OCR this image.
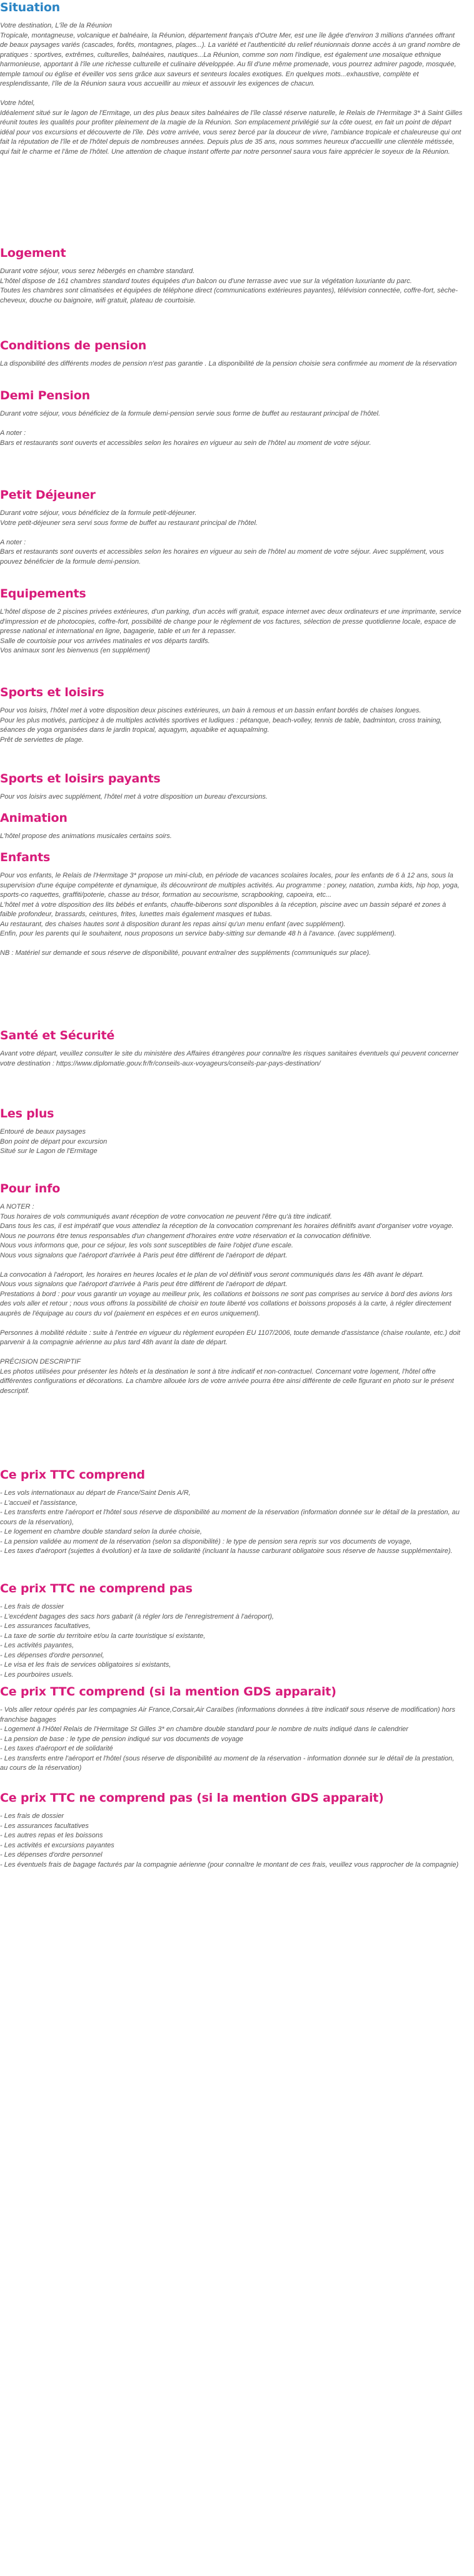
Situation

Votre destination, L'île de la Réunion

Tropicale, montagneuse, volcanique et balnéaire, la Réunion, département français d'Outre Mer, est une île âgée d'environ 3 millions d'années offrant de beaux paysages variés (cascades, forêts, montagnes, plages...). La variété et l'authenticité du relief réunionnais donne accès à un grand nombre de pratiques : sportives, extrêmes, culturelles, balnéaires, nautiques...La Réunion, comme son nom l'indique, est également une mosaïque ethnique harmonieuse, apportant à l'île une richesse culturelle et culinaire développée. Au fil d'une même promenade, vous pourrez admirer pagode, mosquée, temple tamoul ou église et éveiller vos sens grâce aux saveurs et senteurs locales exotiques. En quelques mots...exhaustive, complète et resplendissante, l'île de la Réunion saura vous accueillir au mieux et assouvir les exigences de chacun.

Votre hôtel,

Idéalement situé sur le lagon de l'Ermitage, un des plus beaux sites balnéaires de l'île classé réserve naturelle, le Relais de l'Hermitage 3* à Saint Gilles réunit toutes les qualités pour profiter pleinement de la magie de la Réunion. Son emplacement privilégié sur la côte ouest, en fait un point de départ idéal pour vos excursions et découverte de l'île. Dès votre arrivée, vous serez bercé par la douceur de vivre, l'ambiance tropicale et chaleureuse qui ont fait la réputation de l'île et de l'hôtel depuis de nombreuses années. Depuis plus de 35 ans, nous sommes heureux d'accueillir une clientèle métissée, qui fait le charme et l'âme de l'hôtel. Une attention de chaque instant offerte par notre personnel saura vous faire apprécier le soyeux de la Réunion.

Logement

Durant votre séjour, vous serez hébergés en chambre standard.

L'hôtel dispose de 161 chambres standard toutes équipées d'un balcon ou d'une terrasse avec vue sur la végétation luxuriante du parc.

Toutes les chambres sont climatisées et équipées de téléphone direct (communications extérieures payantes), télévision connectée, coffre-fort, sèche-cheveux, douche ou baignoire, wifi gratuit, plateau de courtoisie.

Conditions de pension

La disponibilité des différents modes de pension n'est pas garantie . La disponibilité de la pension choisie sera confirmée au moment de la réservation

Demi Pension

Durant votre séjour, vous bénéficiez de la formule demi-pension servie sous forme de buffet au restaurant principal de l'hôtel.

A noter :

Bars et restaurants sont ouverts et accessibles selon les horaires en vigueur au sein de l'hôtel au moment de votre séjour.

Petit Déjeuner

Durant votre séjour, vous bénéficiez de la formule petit-déjeuner.

Votre petit-déjeuner sera servi sous forme de buffet au restaurant principal de l'hôtel.

A noter :

Bars et restaurants sont ouverts et accessibles selon les horaires en vigueur au sein de l'hôtel au moment de votre séjour. Avec supplément, vous pouvez bénéficier de la formule demi-pension.

Equipements

L'hôtel dispose de 2 piscines privées extérieures, d'un parking, d'un accès wifi gratuit, espace internet avec deux ordinateurs et une imprimante, service d'impression et de photocopies, coffre-fort, possibilité de change pour le règlement de vos factures, sélection de presse quotidienne locale, espace de presse national et international en ligne, bagagerie, table et un fer à repasser.

Salle de courtoisie pour vos arrivées matinales et vos départs tardifs.

Vos animaux sont les bienvenus (en supplément)

Sports et loisirs

Pour vos loisirs, l'hôtel met à votre disposition deux piscines extérieures, un bain à remous et un bassin enfant bordés de chaises longues.

Pour les plus motivés, participez à de multiples activités sportives et ludiques : pétanque, beach-volley, tennis de table, badminton, cross training, séances de yoga organisées dans le jardin tropical, aquagym, aquabike et aquapalming.

Prêt de serviettes de plage.

Sports et loisirs payants

Pour vos loisirs avec supplément, l'hôtel met à votre disposition un bureau d'excursions.

Animation

L'hôtel propose des animations musicales certains soirs.

Enfants

Pour vos enfants, le Relais de l'Hermitage 3* propose un mini-club, en période de vacances scolaires locales, pour les enfants de 6 à 12 ans, sous la supervision d'une équipe compétente et dynamique, ils découvriront de multiples activités. Au programme : poney, natation, zumba kids, hip hop, yoga, sports-co raquettes, graffiti/poterie, chasse au trésor, formation au secourisme, scrapbooking, capoeira, etc...

L'hôtel met à votre disposition des lits bébés et enfants, chauffe-biberons sont disponibles à la réception, piscine avec un bassin séparé et zones à faible profondeur, brassards, ceintures, frites, lunettes mais également masques et tubas.

Au restaurant, des chaises hautes sont à disposition durant les repas ainsi qu'un menu enfant (avec supplément).

Enfin, pour les parents qui le souhaitent, nous proposons un service baby-sitting sur demande 48 h à l'avance. (avec supplément).

NB : Matériel sur demande et sous réserve de disponibilité, pouvant entraîner des suppléments (communiqués sur place).

Santé et Sécurité

Avant votre départ, veuillez consulter le site du ministère des Affaires étrangères pour connaître les risques sanitaires éventuels qui peuvent concerner votre destination : https://www.diplomatie.gouv.fr/fr/conseils-aux-voyageurs/conseils-par-pays-destination/

Les plus

Entouré de beaux paysages

Bon point de départ pour excursion

Situé sur le Lagon de l'Ermitage

Pour info

A NOTER :

Tous horaires de vols communiqués avant réception de votre convocation ne peuvent l'être qu'à titre indicatif.

Dans tous les cas, il est impératif que vous attendiez la réception de la convocation comprenant les horaires définitifs avant d'organiser votre voyage.

Nous ne pourrons être tenus responsables d'un changement d'horaires entre votre réservation et la convocation définitive.

Nous vous informons que, pour ce séjour, les vols sont susceptibles de faire l'objet d'une escale.

Nous vous signalons que l'aéroport d'arrivée à Paris peut être différent de l'aéroport de départ.

La convocation à l'aéroport, les horaires en heures locales et le plan de vol définitif vous seront communiqués dans les 48h avant le départ.

Nous vous signalons que l'aéroport d'arrivée à Paris peut être différent de l'aéroport de départ.

Prestations à bord : pour vous garantir un voyage au meilleur prix, les collations et boissons ne sont pas comprises au service à bord des avions lors des vols aller et retour ; nous vous offrons la possibilité de choisir en toute liberté vos collations et boissons proposés à la carte, à régler directement auprès de l'équipage au cours du vol (paiement en espèces et en euros uniquement).

Personnes à mobilité réduite : suite à l'entrée en vigueur du règlement européen EU 1107/2006, toute demande d'assistance (chaise roulante, etc.) doit parvenir à la compagnie aérienne au plus tard 48h avant la date de départ.

PRÉCISION DESCRIPTIF

Les photos utilisées pour présenter les hôtels et la destination le sont à titre indicatif et non-contractuel. Concernant votre logement, l'hôtel offre différentes configurations et décorations. La chambre allouée lors de votre arrivée pourra être ainsi différente de celle figurant en photo sur le présent descriptif.

Ce prix TTC comprend

- Les vols internationaux au départ de France/Saint Denis A/R,

- L'accueil et l'assistance,

- Les transferts entre l'aéroport et l'hôtel sous réserve de disponibilité au moment de la réservation (information donnée sur le détail de la prestation, au cours de la réservation),

- Le logement en chambre double standard selon la durée choisie,

- La pension validée au moment de la réservation (selon sa disponibilité) : le type de pension sera repris sur vos documents de voyage,

- Les taxes d'aéroport (sujettes à évolution) et la taxe de solidarité (incluant la hausse carburant obligatoire sous réserve de hausse supplémentaire).

Ce prix TTC ne comprend pas

- Les frais de dossier

- L'excédent bagages des sacs hors gabarit (à régler lors de l'enregistrement à l'aéroport),

- Les assurances facultatives,

- La taxe de sortie du territoire et/ou la carte touristique si existante,

- Les activités payantes,

- Les dépenses d'ordre personnel,

- Le visa et les frais de services obligatoires si existants,

- Les pourboires usuels.

Ce prix TTC comprend (si la mention GDS apparait)

- Vols aller retour opérés par les compagnies Air France,Corsair,Air Caraïbes (informations données à titre indicatif sous réserve de modification) hors franchise bagages

- Logement à l'Hôtel Relais de l'Hermitage St Gilles 3* en chambre double standard pour le nombre de nuits indiqué dans le calendrier

- La pension de base : le type de pension indiqué sur vos documents de voyage

- Les taxes d'aéroport et de solidarité

- Les transferts entre l'aéroport et l'hôtel (sous réserve de disponibilité au moment de la réservation - information donnée sur le détail de la prestation, au cours de la réservation)

Ce prix TTC ne comprend pas (si la mention GDS apparait)

- Les frais de dossier

- Les assurances facultatives

- Les autres repas et les boissons

- Les activités et excursions payantes

- Les dépenses d'ordre personnel

- Les éventuels frais de bagage facturés par la compagnie aérienne (pour connaître le montant de ces frais, veuillez vous rapprocher de la compagnie)
